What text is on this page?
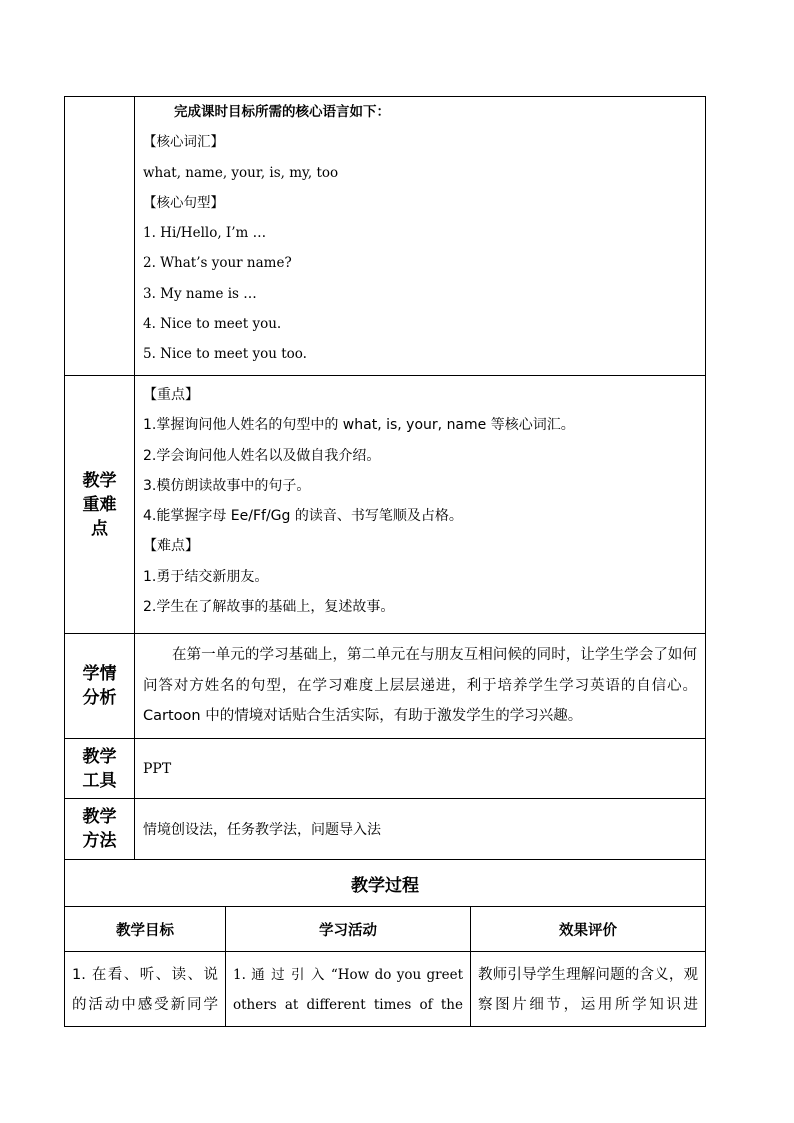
完成课时目标所需的核心语言如下：
【核心词汇】
what, name, your, is, my, too
【核心句型】
1. Hi/Hello, I’m …
2. What’s your name?
3. My name is …
4. Nice to meet you.
5. Nice to meet you too.
教学重难点
【重点】
1.掌握询问他人姓名的句型中的 what, is, your, name 等核心词汇。
2.学会询问他人姓名以及做自我介绍。
3.模仿朗读故事中的句子。
4.能掌握字母 Ee/Ff/Gg 的读音、书写笔顺及占格。
【难点】
1.勇于结交新朋友。
2.学生在了解故事的基础上，复述故事。
学情分析
在第一单元的学习基础上，第二单元在与朋友互相问候的同时，让学生学会了如何问答对方姓名的句型，在学习难度上层层递进，利于培养学生学习英语的自信心。Cartoon 中的情境对话贴合生活实际，有助于激发学生的学习兴趣。
教学工具
PPT
教学方法
情境创设法，任务教学法，问题导入法
教学过程
教学目标	学习活动	效果评价
1. 在看、听、读、说的活动中感受新同学
1. 通 过 引 入 “How do you greet others at different times of the
教师引导学生理解问题的含义，观察图片细节，运用所学知识进
